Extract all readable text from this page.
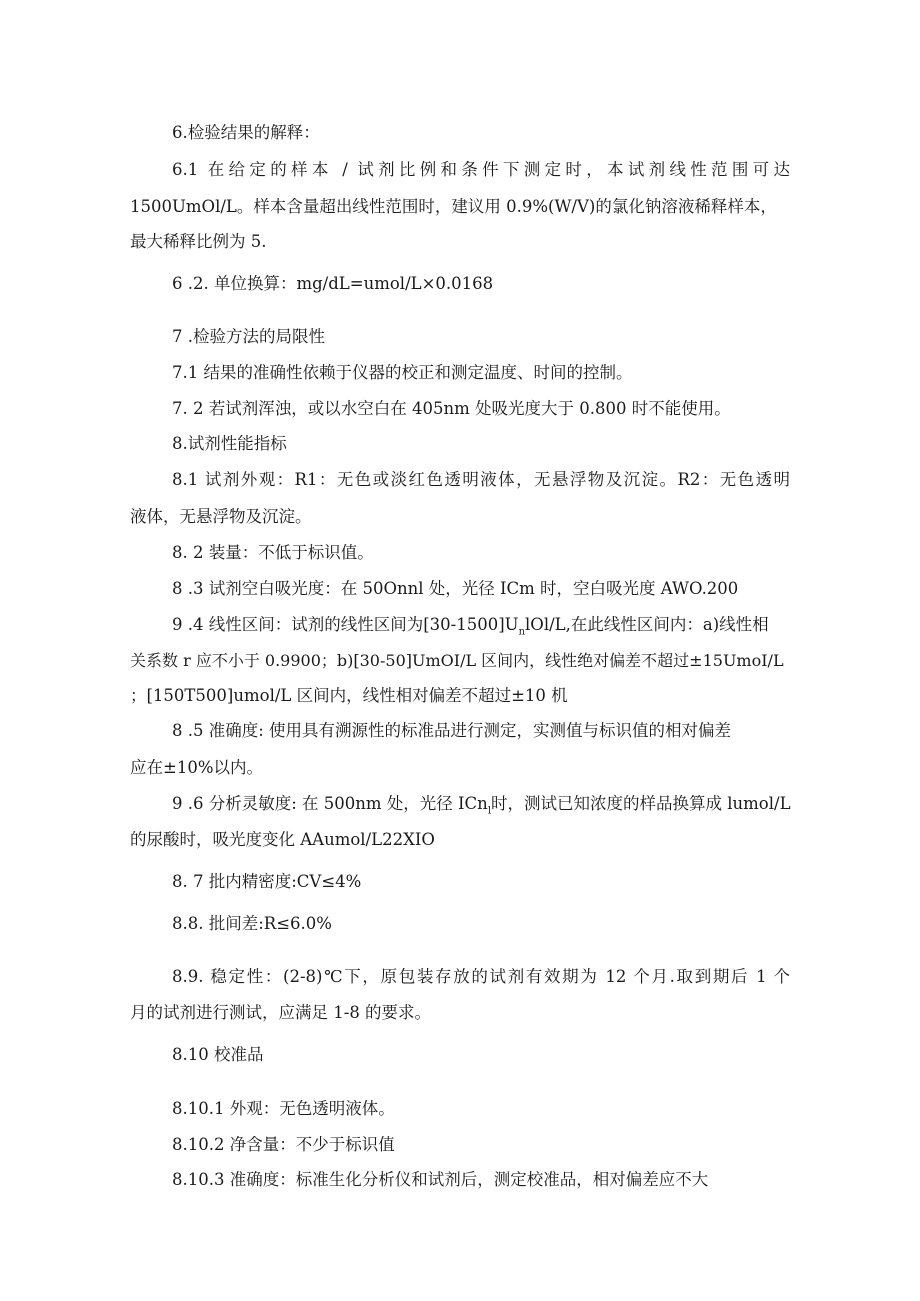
6.检验结果的解释：
6.1 在给定的样本 / 试剂比例和条件下测定时，本试剂线性范围可达
1500UmOl/L。样本含量超出线性范围时，建议用 0.9%(W/V)的氯化钠溶液稀释样本，
最大稀释比例为 5.
6 .2. 单位换算：mg/dL=umol/L×0.0168
7 .检验方法的局限性
7.1 结果的准确性依赖于仪器的校正和测定温度、时间的控制。
7. 2 若试剂浑浊，或以水空白在 405nm 处吸光度大于 0.800 时不能使用。
8.试剂性能指标
8.1 试剂外观：R1：无色或淡红色透明液体，无悬浮物及沉淀。R2：无色透明
液体，无悬浮物及沉淀。
8. 2 装量：不低于标识值。
8 .3 试剂空白吸光度：在 50Onnl 处，光径 ICm 时，空白吸光度 AWO.200
9 .4 线性区间：试剂的线性区间为$[30-1500]U_nlOl/L$,在此线性区间内：a)线性相
关系数 r 应不小于 0.9900；b)[30-50]UmOI/L 区间内，线性绝对偏差不超过±15UmoI/L
；[150T500]umol/L 区间内，线性相对偏差不超过±10 机
8 .5 准确度: 使用具有溯源性的标准品进行测定，实测值与标识值的相对偏差
应在±10%以内。
9 .6 分析灵敏度: 在 500nm 处，光径 ICn$_l$时，测试已知浓度的样品换算成 lumol/L
的尿酸时，吸光度变化 AAumol/L22XIO
8. 7 批内精密度:CV≤4%
8.8. 批间差:R≤6.0%
8.9. 稳定性：(2-8)℃下，原包装存放的试剂有效期为 12 个月.取到期后 1 个
月的试剂进行测试，应满足 1-8 的要求。
8.10 校准品
8.10.1 外观：无色透明液体。
8.10.2 净含量：不少于标识值
8.10.3 准确度：标准生化分析仪和试剂后，测定校准品，相对偏差应不大
